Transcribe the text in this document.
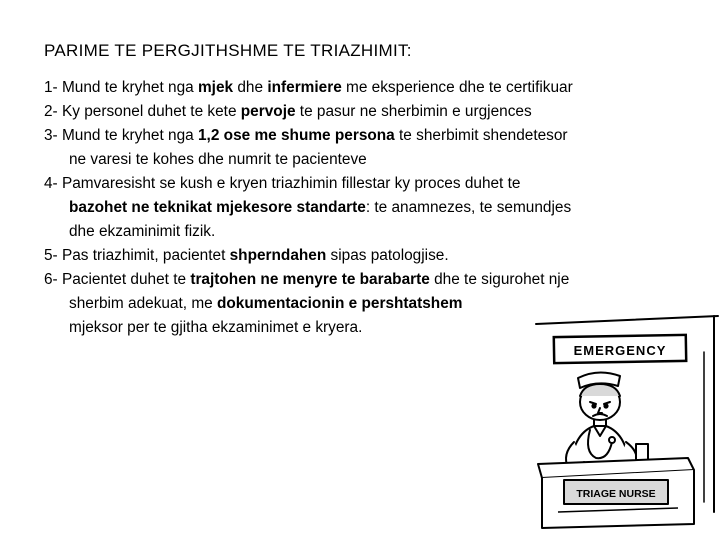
PARIME TE PERGJITHSHME TE TRIAZHIMIT:
1- Mund te kryhet nga mjek dhe infermiere me eksperience dhe te certifikuar
2- Ky personel duhet te kete pervoje te pasur ne sherbimin e urgjences
3- Mund te kryhet nga 1,2 ose me shume persona te sherbimit shendetesor
ne varesi te kohes dhe numrit te pacienteve
4- Pamvaresisht se kush e kryen triazhimin fillestar ky proces duhet te
bazohet ne teknikat mjekesore standarte: te anamnezes, te semundjes
dhe ekzaminimit fizik.
5- Pas triazhimit, pacientet shperndahen sipas patologjise.
6- Pacientet duhet te trajtohen ne menyre te barabarte dhe te sigurohet nje
sherbim adekuat, me dokumentacionin e pershtatshem
mjeksor per te gjitha ekzaminimet e kryera.
EMERGENCY
TRIAGE NURSE
